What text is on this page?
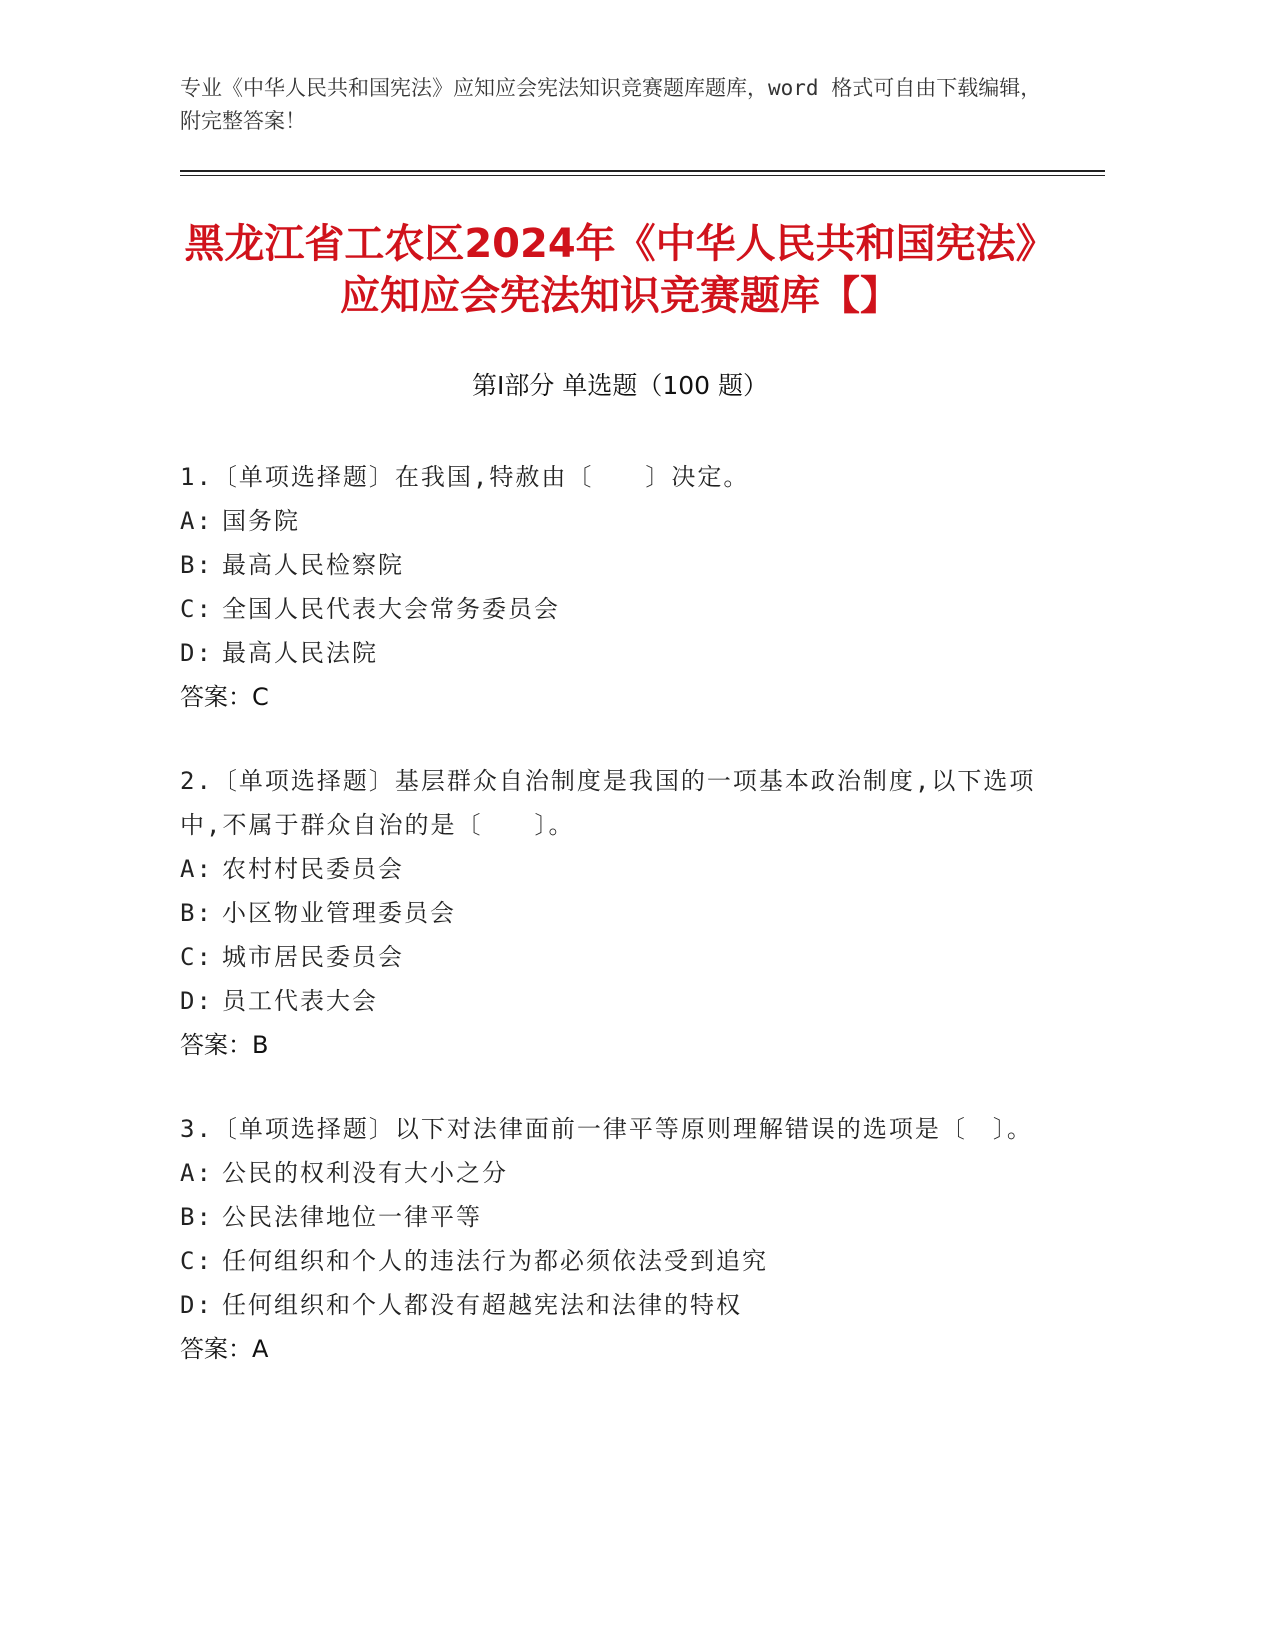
专业《中华人民共和国宪法》应知应会宪法知识竞赛题库题库，word 格式可自由下载编辑，附完整答案！
黑龙江省工农区2024年《中华人民共和国宪法》应知应会宪法知识竞赛题库【】
第Ⅰ部分 单选题（100 题）
1.〔单项选择题〕在我国,特赦由〔　　〕决定。
A: 国务院
B: 最高人民检察院
C: 全国人民代表大会常务委员会
D: 最高人民法院
答案：C
2.〔单项选择题〕基层群众自治制度是我国的一项基本政治制度,以下选项中,不属于群众自治的是〔　　〕。
A: 农村村民委员会
B: 小区物业管理委员会
C: 城市居民委员会
D: 员工代表大会
答案：B
3.〔单项选择题〕以下对法律面前一律平等原则理解错误的选项是〔　〕。
A: 公民的权利没有大小之分
B: 公民法律地位一律平等
C: 任何组织和个人的违法行为都必须依法受到追究
D: 任何组织和个人都没有超越宪法和法律的特权
答案：A
